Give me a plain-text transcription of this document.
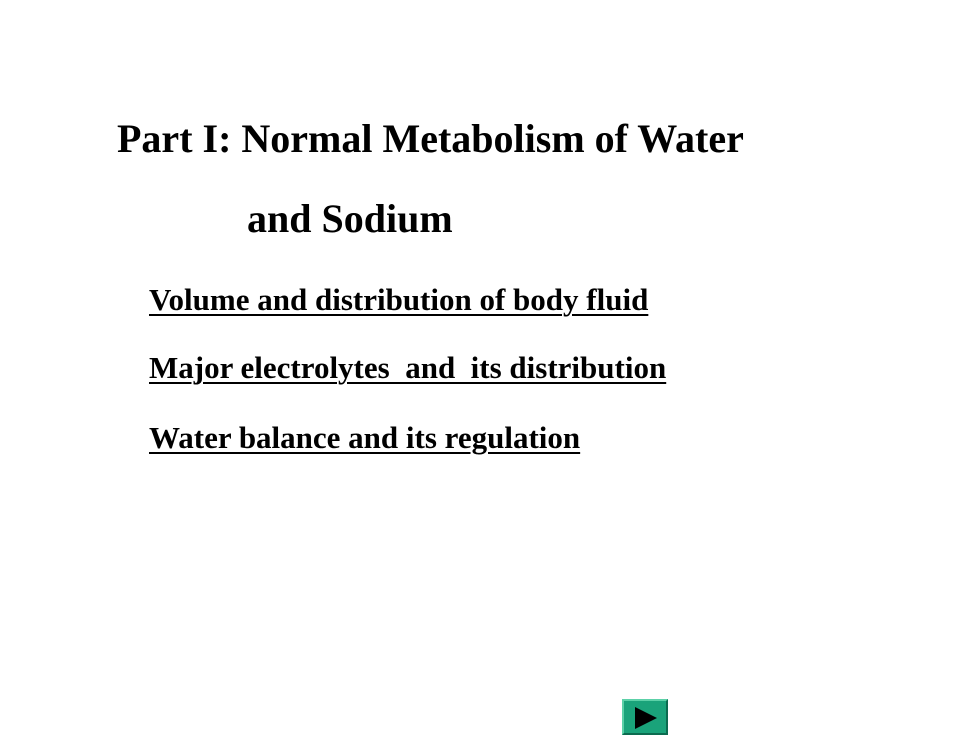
Part I: Normal Metabolism of Water
and Sodium
Volume and distribution of body fluid
Major electrolytes  and  its distribution
Water balance and its regulation
